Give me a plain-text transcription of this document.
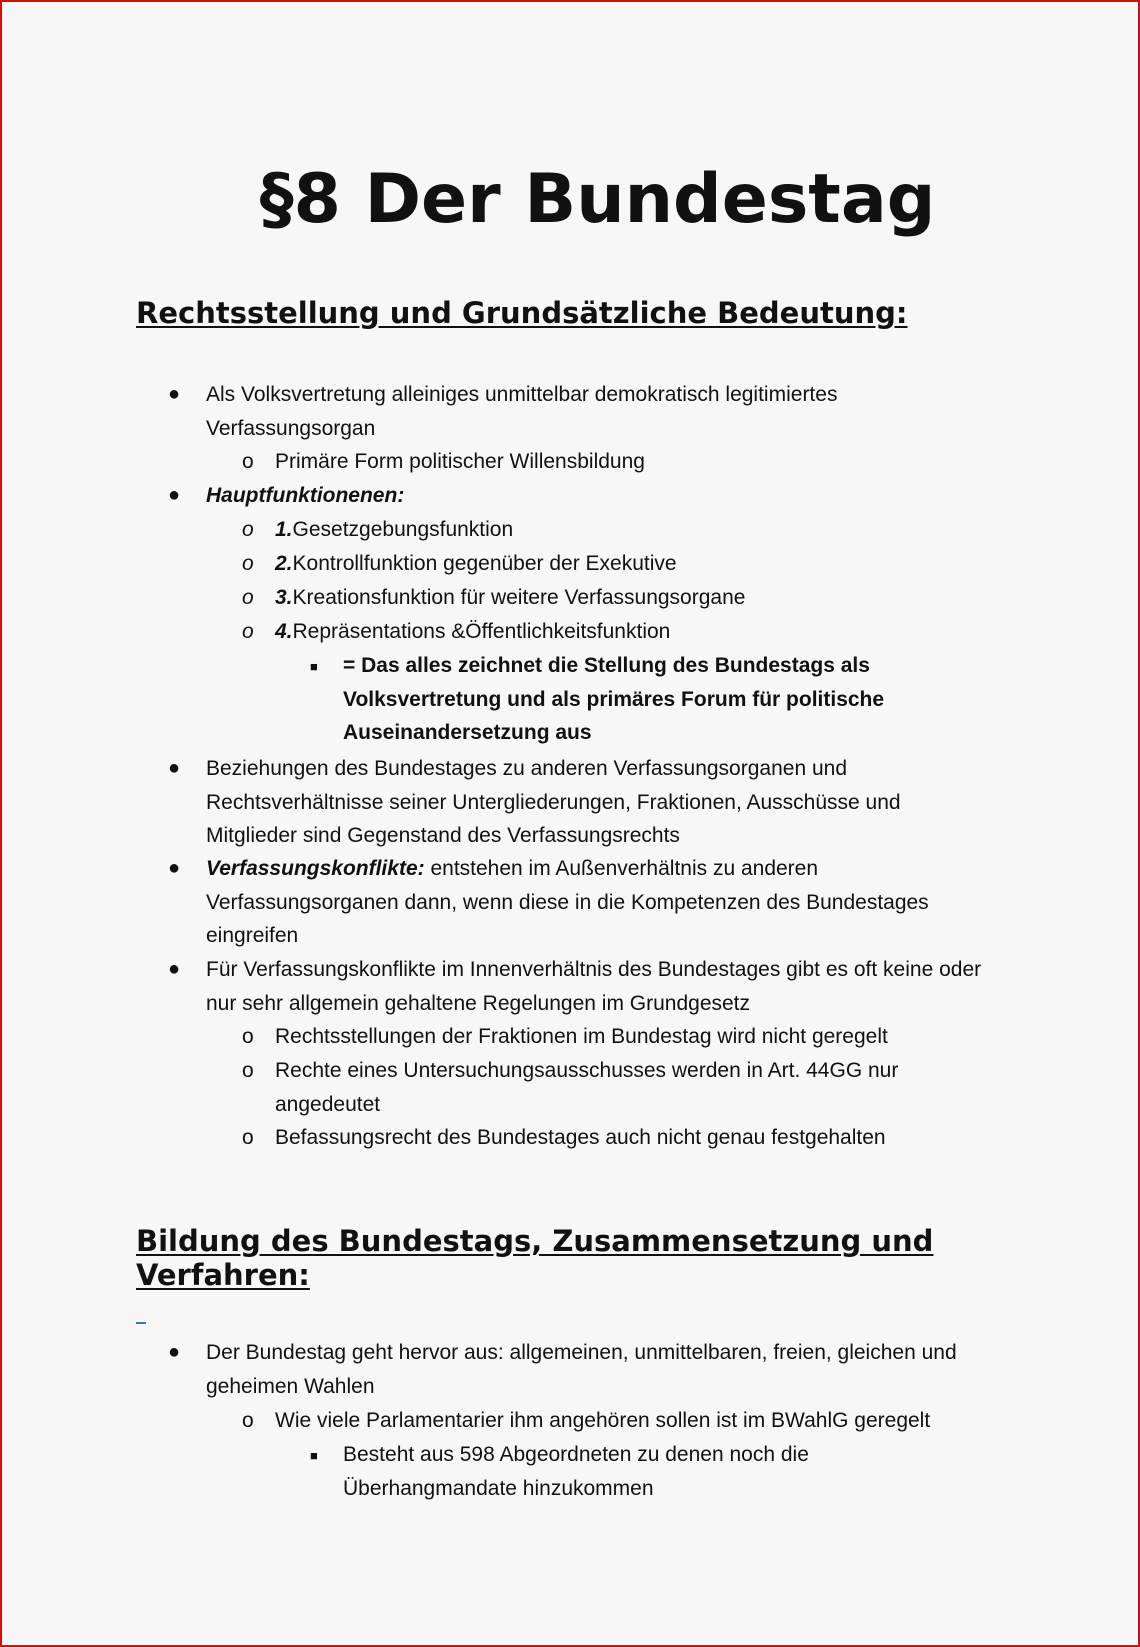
§8 Der Bundestag
Rechtsstellung und Grundsätzliche Bedeutung:
● Als Volksvertretung alleiniges unmittelbar demokratisch legitimiertes Verfassungsorgan
o Primäre Form politischer Willensbildung
● Hauptfunktionenen:
o 1.Gesetzgebungsfunktion
o 2.Kontrollfunktion gegenüber der Exekutive
o 3.Kreationsfunktion für weitere Verfassungsorgane
o 4.Repräsentations &Öffentlichkeitsfunktion
■ = Das alles zeichnet die Stellung des Bundestags als Volksvertretung und als primäres Forum für politische Auseinandersetzung aus
● Beziehungen des Bundestages zu anderen Verfassungsorganen und Rechtsverhältnisse seiner Untergliederungen, Fraktionen, Ausschüsse und Mitglieder sind Gegenstand des Verfassungsrechts
● Verfassungskonflikte: entstehen im Außenverhältnis zu anderen Verfassungsorganen dann, wenn diese in die Kompetenzen des Bundestages eingreifen
● Für Verfassungskonflikte im Innenverhältnis des Bundestages gibt es oft keine oder nur sehr allgemein gehaltene Regelungen im Grundgesetz
o Rechtsstellungen der Fraktionen im Bundestag wird nicht geregelt
o Rechte eines Untersuchungsausschusses werden in Art. 44GG nur angedeutet
o Befassungsrecht des Bundestages auch nicht genau festgehalten
Bildung des Bundestags, Zusammensetzung und Verfahren:
● Der Bundestag geht hervor aus: allgemeinen, unmittelbaren, freien, gleichen und geheimen Wahlen
o Wie viele Parlamentarier ihm angehören sollen ist im BWahlG geregelt
■ Besteht aus 598 Abgeordneten zu denen noch die Überhangmandate hinzukommen
